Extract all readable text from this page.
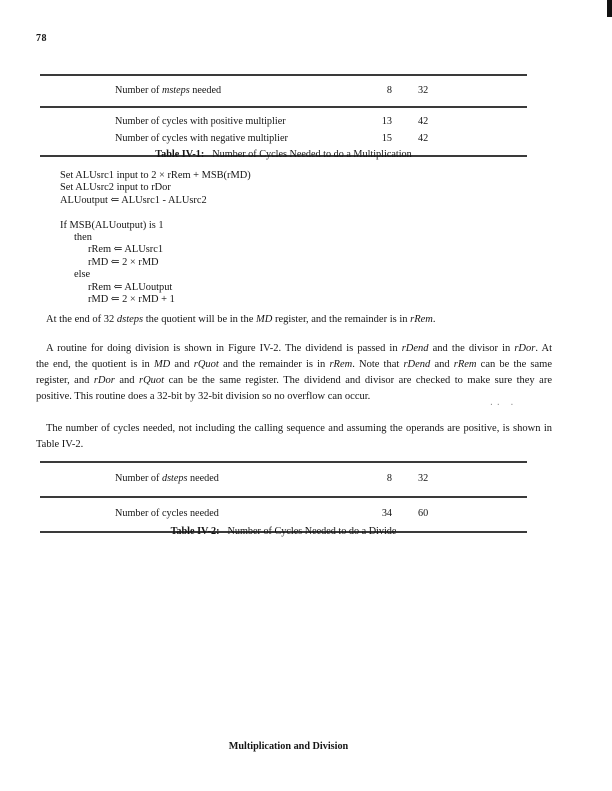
78
Number of msteps needed	8	32
Number of cycles with positive multiplier	13	42
Number of cycles with negative multiplier	15	42
Table IV-1: Number of Cycles Needed to do a Multiplication
Set ALUsrc1 input to 2 × rRem + MSB(rMD)
Set ALUsrc2 input to rDor
ALUoutput ⇐ ALUsrc1 - ALUsrc2
If MSB(ALUoutput) is 1
then
rRem ⇐ ALUsrc1
rMD ⇐ 2 × rMD
else
rRem ⇐ ALUoutput
rMD ⇐ 2 × rMD + 1
At the end of 32 dsteps the quotient will be in the MD register, and the remainder is in rRem.
A routine for doing division is shown in Figure IV-2. The dividend is passed in rDend and the divisor in rDor. At
the end, the quotient is in MD and rQuot and the remainder is in rRem. Note that rDend and rRem can be the same
register, and rDor and rQuot can be the same register. The dividend and divisor are checked to make sure they are
positive. This routine does a 32-bit by 32-bit division so no overflow can occur.
The number of cycles needed, not including the calling sequence and assuming the operands are positive, is shown in
Table IV-2.
Number of dsteps needed	8	32
Number of cycles needed	34	60
Table IV-2: Number of Cycles Needed to do a Divide
·· ·
Multiplication and Division
